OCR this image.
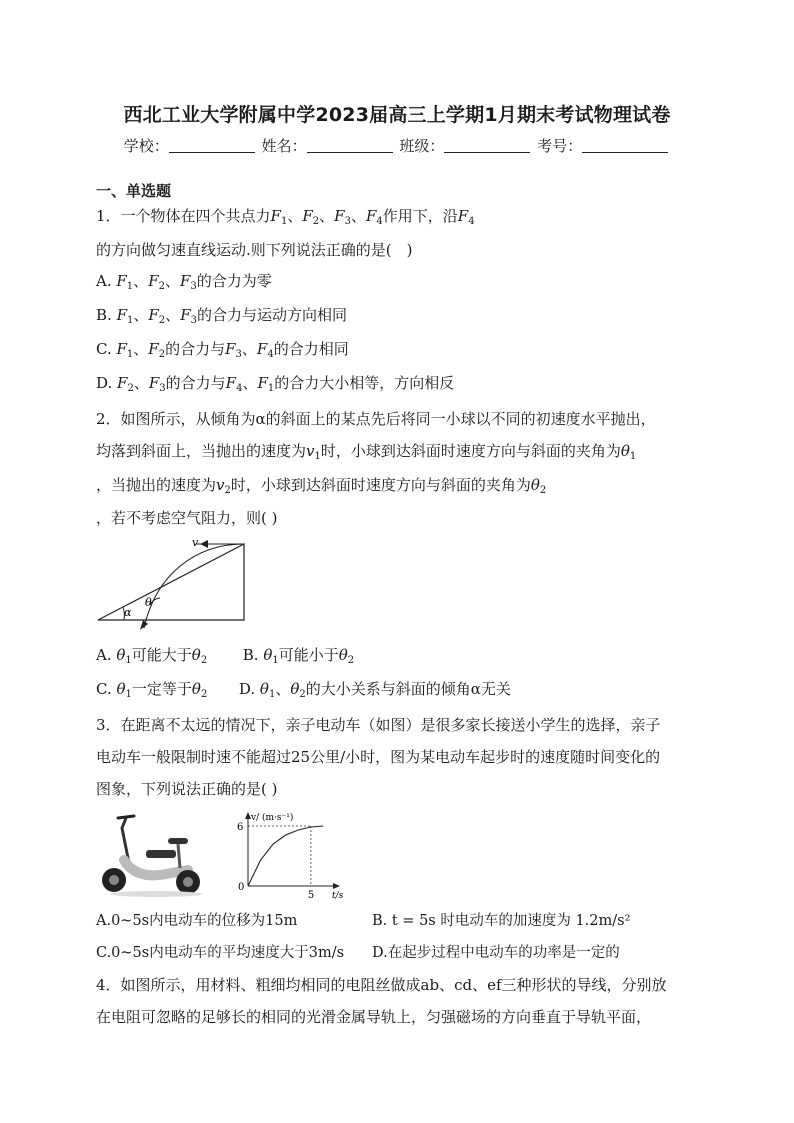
西北工业大学附属中学2023届高三上学期1月期末考试物理试卷
学校：	姓名：	班级：	考号：
一、单选题
1．一个物体在四个共点力$F_1$、$F_2$、$F_3$、$F_4$作用下，沿$F_4$
的方向做匀速直线运动.则下列说法正确的是(　)
A. $F_1$、$F_2$、$F_3$的合力为零
B. $F_1$、$F_2$、$F_3$的合力与运动方向相同
C. $F_1$、$F_2$的合力与$F_3$、$F_4$的合力相同
D. $F_2$、$F_3$的合力与$F_4$、$F_1$的合力大小相等，方向相反
2．如图所示，从倾角为α的斜面上的某点先后将同一小球以不同的初速度水平抛出，
均落到斜面上，当抛出的速度为$v_1$时，小球到达斜面时速度方向与斜面的夹角为$\theta_1$
，当抛出的速度为$v_2$时，小球到达斜面时速度方向与斜面的夹角为$\theta_2$
，若不考虑空气阻力，则( )
v
θ
α
A. $\theta_1$可能大于$\theta_2$ B. $\theta_1$可能小于$\theta_2$
C. $\theta_1$一定等于$\theta_2$ D. $\theta_1$、$\theta_2$的大小关系与斜面的倾角α无关
3．在距离不太远的情况下，亲子电动车（如图）是很多家长接送小学生的选择，亲子
电动车一般限制时速不能超过25公里/小时，图为某电动车起步时的速度随时间变化的
图象，下列说法正确的是( )
v/ (m·s⁻¹)
6
0
5 t/s
A.0~5s内电动车的位移为15m	B. t = 5s 时电动车的加速度为 1.2m/s²
C.0~5s内电动车的平均速度大于3m/s D.在起步过程中电动车的功率是一定的
4．如图所示，用材料、粗细均相同的电阻丝做成ab、cd、ef三种形状的导线，分别放
在电阻可忽略的足够长的相同的光滑金属导轨上，匀强磁场的方向垂直于导轨平面，
